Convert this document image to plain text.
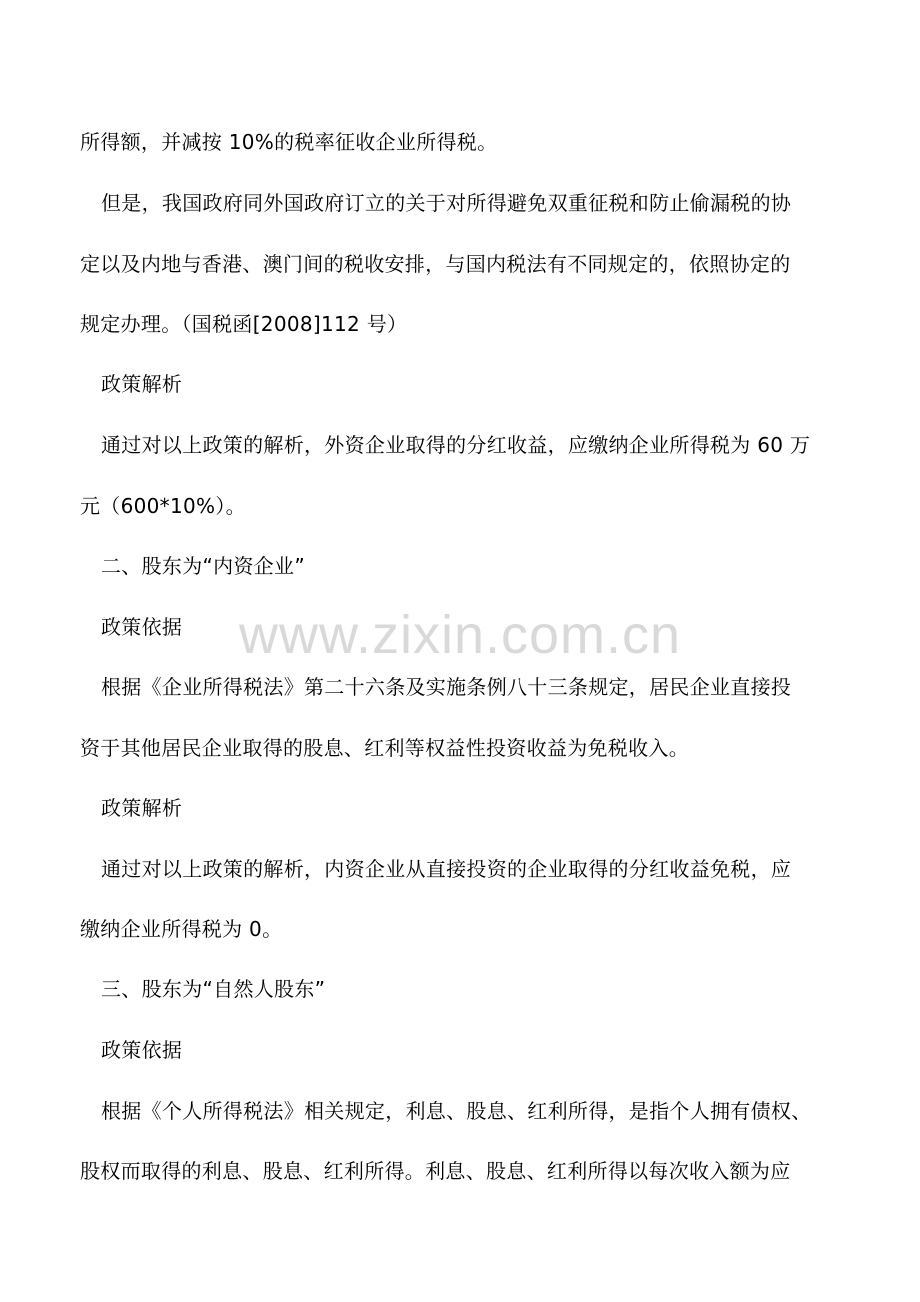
www.zixin.com.cn
所得额，并减按 10%的税率征收企业所得税。
但是，我国政府同外国政府订立的关于对所得避免双重征税和防止偷漏税的协
定以及内地与香港、澳门间的税收安排，与国内税法有不同规定的，依照协定的
规定办理。（国税函[2008]112 号）
政策解析
通过对以上政策的解析，外资企业取得的分红收益，应缴纳企业所得税为 60 万
元（600*10%）。
二、股东为“内资企业”
政策依据
根据《企业所得税法》第二十六条及实施条例八十三条规定，居民企业直接投
资于其他居民企业取得的股息、红利等权益性投资收益为免税收入。
政策解析
通过对以上政策的解析，内资企业从直接投资的企业取得的分红收益免税，应
缴纳企业所得税为 0。
三、股东为“自然人股东”
政策依据
根据《个人所得税法》相关规定，利息、股息、红利所得，是指个人拥有债权、
股权而取得的利息、股息、红利所得。利息、股息、红利所得以每次收入额为应
